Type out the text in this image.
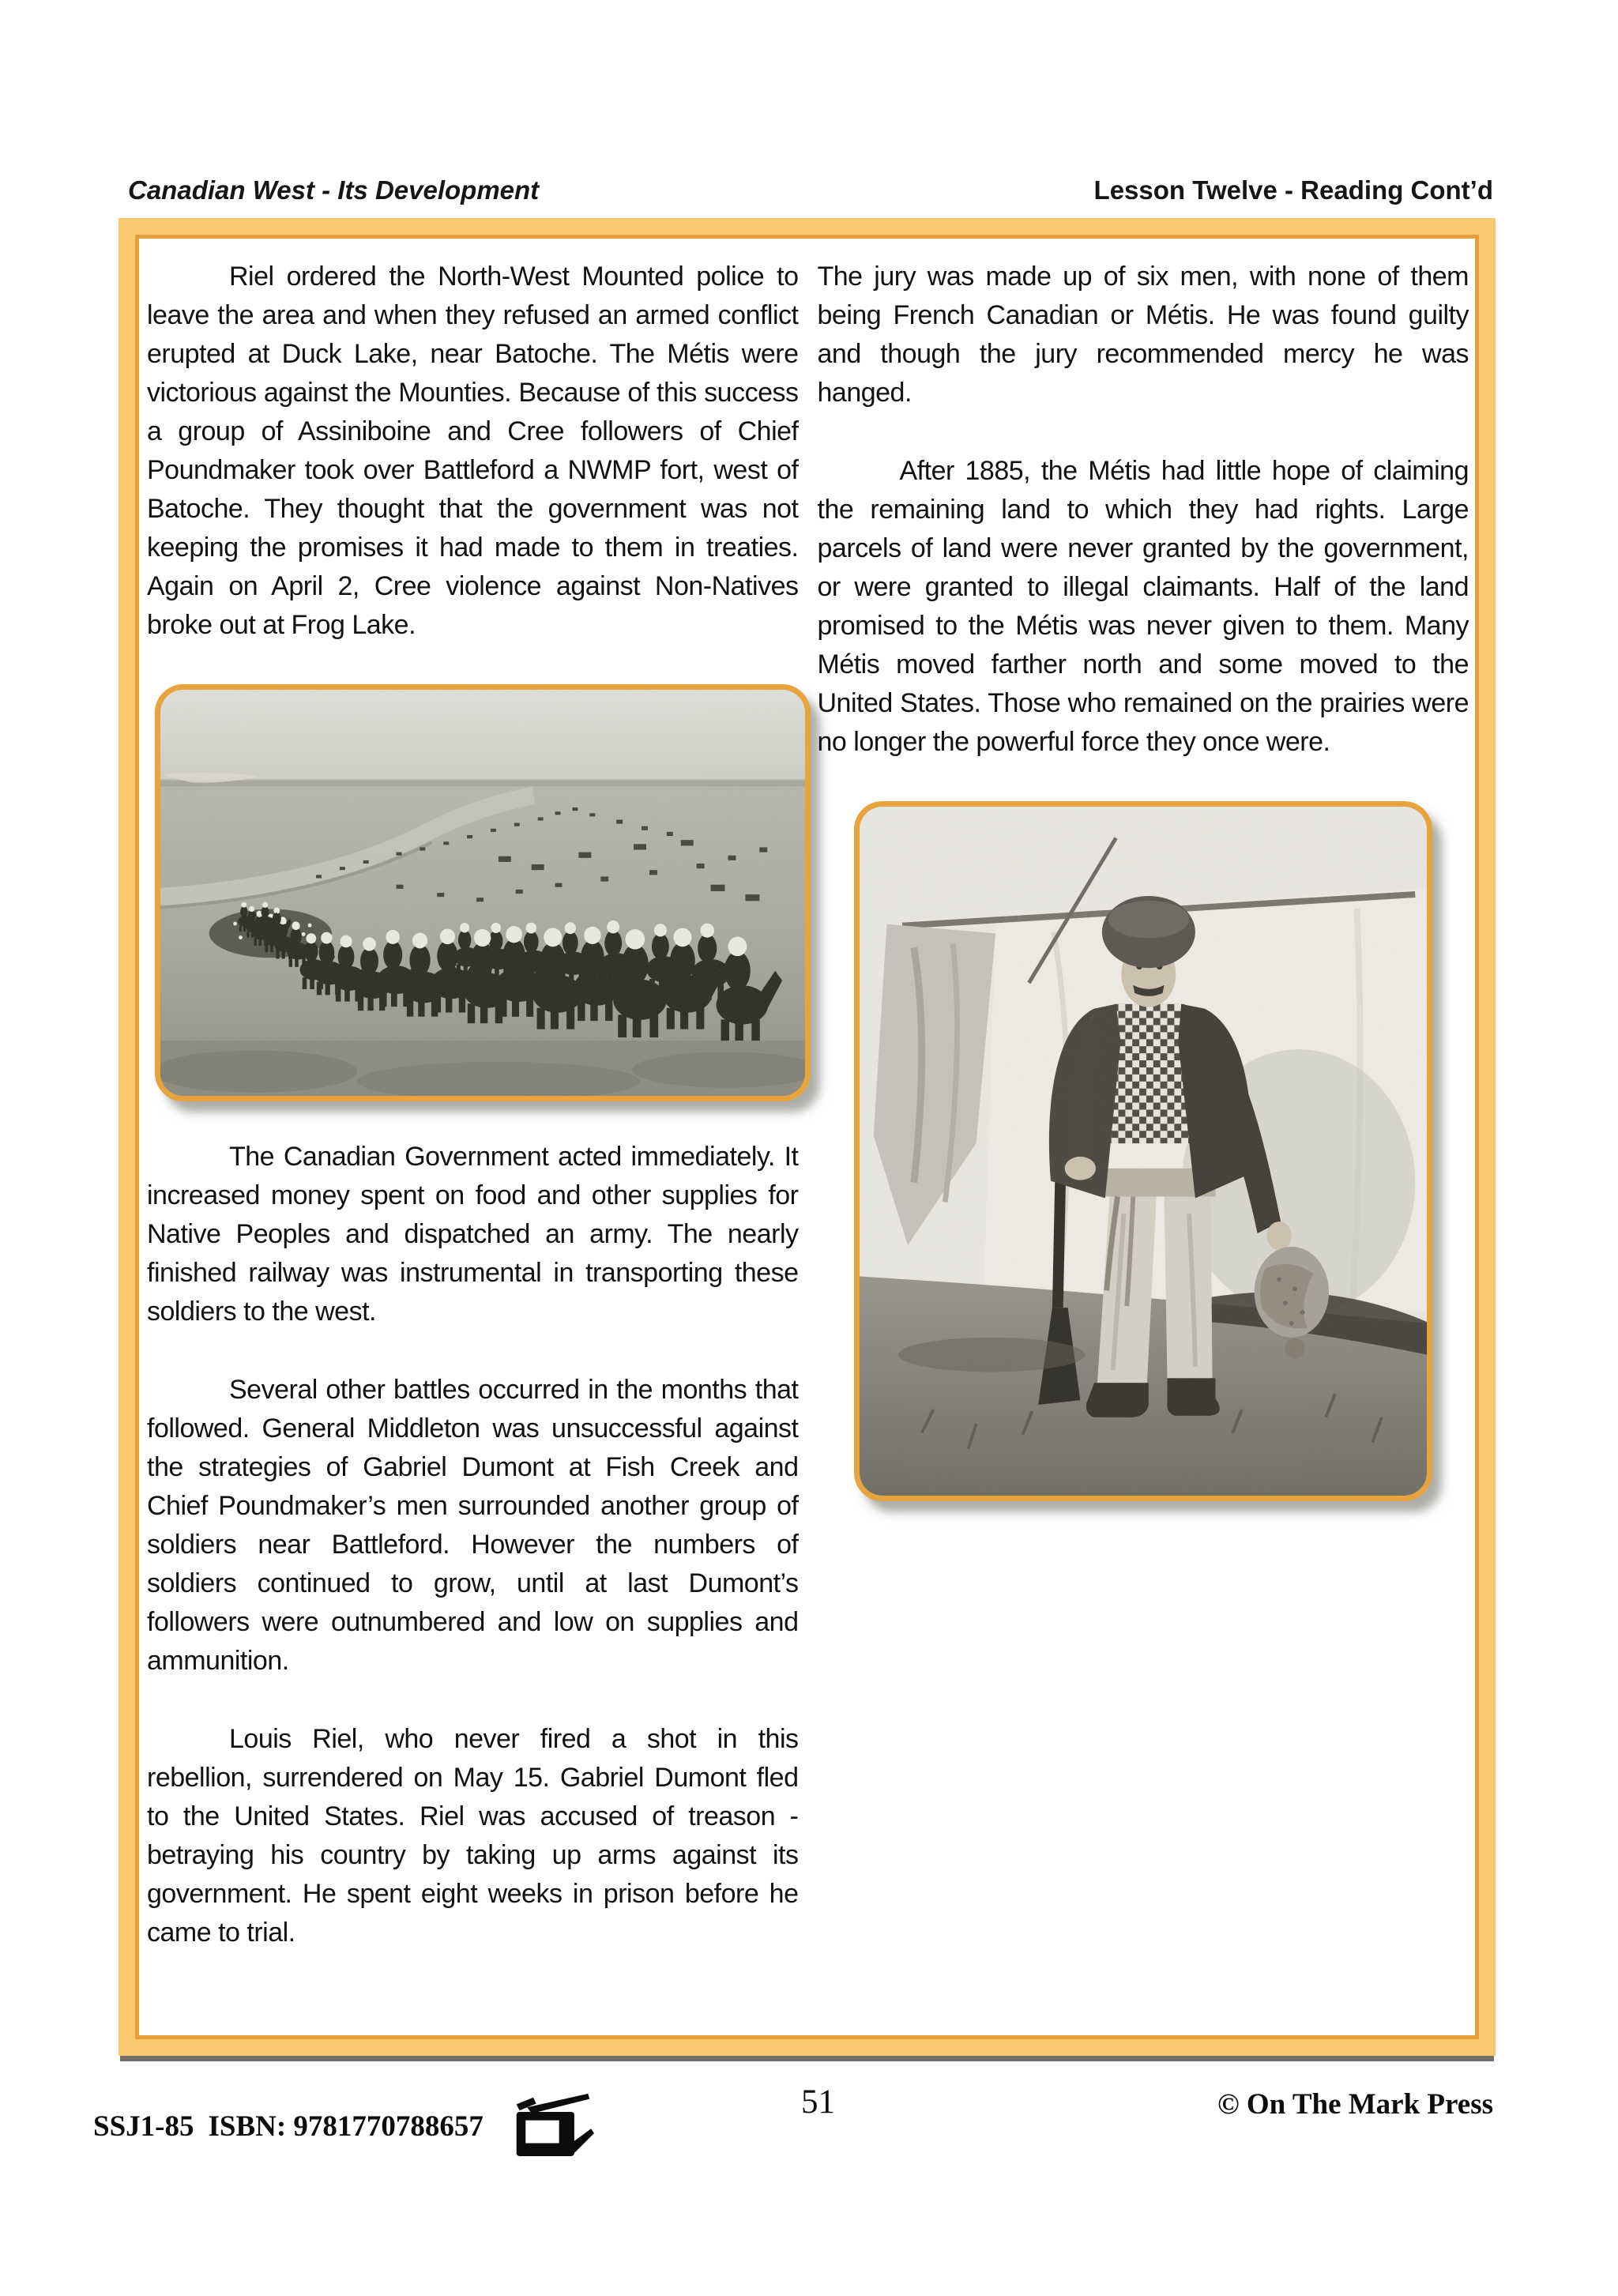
Canadian West - Its Development	Lesson Twelve - Reading Cont’d

Riel ordered the North-West Mounted police to leave the area and when they refused an armed conflict erupted at Duck Lake, near Batoche. The Métis were victorious against the Mounties. Because of this success a group of Assiniboine and Cree followers of Chief Poundmaker took over Battleford a NWMP fort, west of Batoche. They thought that the government was not keeping the promises it had made to them in treaties. Again on April 2, Cree violence against Non-Natives broke out at Frog Lake.

The Canadian Government acted immediately. It increased money spent on food and other supplies for Native Peoples and dispatched an army. The nearly finished railway was instrumental in transporting these soldiers to the west.

Several other battles occurred in the months that followed. General Middleton was unsuccessful against the strategies of Gabriel Dumont at Fish Creek and Chief Poundmaker’s men surrounded another group of soldiers near Battleford. However the numbers of soldiers continued to grow, until at last Dumont’s followers were outnumbered and low on supplies and ammunition.

Louis Riel, who never fired a shot in this rebellion, surrendered on May 15. Gabriel Dumont fled to the United States. Riel was accused of treason - betraying his country by taking up arms against its government. He spent eight weeks in prison before he came to trial.

The jury was made up of six men, with none of them being French Canadian or Métis. He was found guilty and though the jury recommended mercy he was hanged.

After 1885, the Métis had little hope of claiming the remaining land to which they had rights. Large parcels of land were never granted by the government, or were granted to illegal claimants. Half of the land promised to the Métis was never given to them. Many Métis moved farther north and some moved to the United States. Those who remained on the prairies were no longer the powerful force they once were.

SSJ1-85 ISBN: 9781770788657
51	© On The Mark Press
